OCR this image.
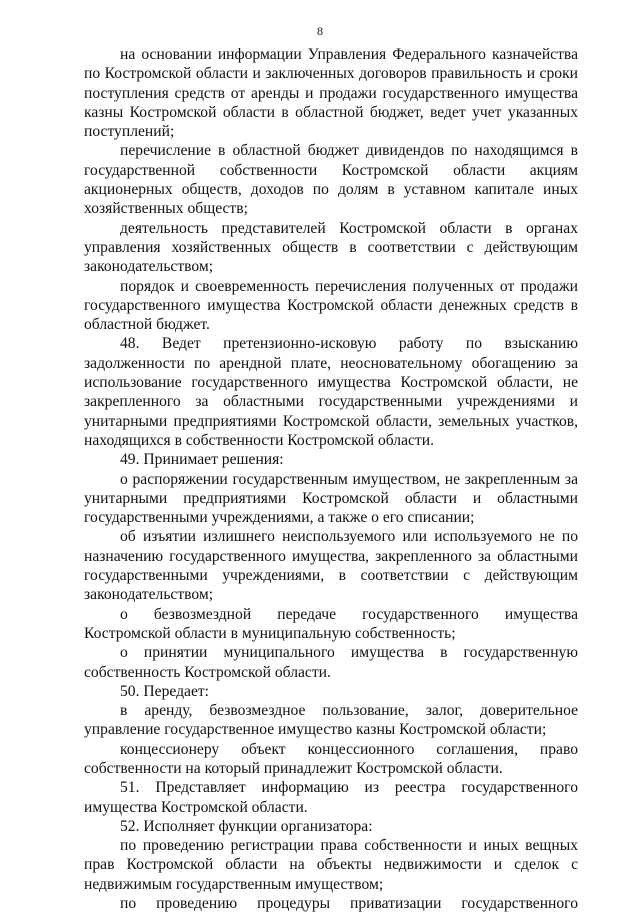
8

на основании информации Управления Федерального казначейства по Костромской области и заключенных договоров правильность и сроки поступления средств от аренды и продажи государственного имущества казны Костромской области в областной бюджет, ведет учет указанных поступлений;

перечисление в областной бюджет дивидендов по находящимся в государственной собственности Костромской области акциям акционерных обществ, доходов по долям в уставном капитале иных хозяйственных обществ;

деятельность представителей Костромской области в органах управления хозяйственных обществ в соответствии с действующим законодательством;

порядок и своевременность перечисления полученных от продажи государственного имущества Костромской области денежных средств в областной бюджет.

48. Ведет претензионно-исковую работу по взысканию задолженности по арендной плате, неосновательному обогащению за использование государственного имущества Костромской области, не закрепленного за областными государственными учреждениями и унитарными предприятиями Костромской области, земельных участков, находящихся в собственности Костромской области.

49. Принимает решения:

о распоряжении государственным имуществом, не закрепленным за унитарными предприятиями Костромской области и областными государственными учреждениями, а также о его списании;

об изъятии излишнего неиспользуемого или используемого не по назначению государственного имущества, закрепленного за областными государственными учреждениями, в соответствии с действующим законодательством;

о безвозмездной передаче государственного имущества Костромской области в муниципальную собственность;

о принятии муниципального имущества в государственную собственность Костромской области.

50. Передает:

в аренду, безвозмездное пользование, залог, доверительное управление государственное имущество казны Костромской области;

концессионеру объект концессионного соглашения, право собственности на который принадлежит Костромской области.

51. Представляет информацию из реестра государственного имущества Костромской области.

52. Исполняет функции организатора:

по проведению регистрации права собственности и иных вещных прав Костромской области на объекты недвижимости и сделок с недвижимым государственным имуществом;

по проведению процедуры приватизации государственного
